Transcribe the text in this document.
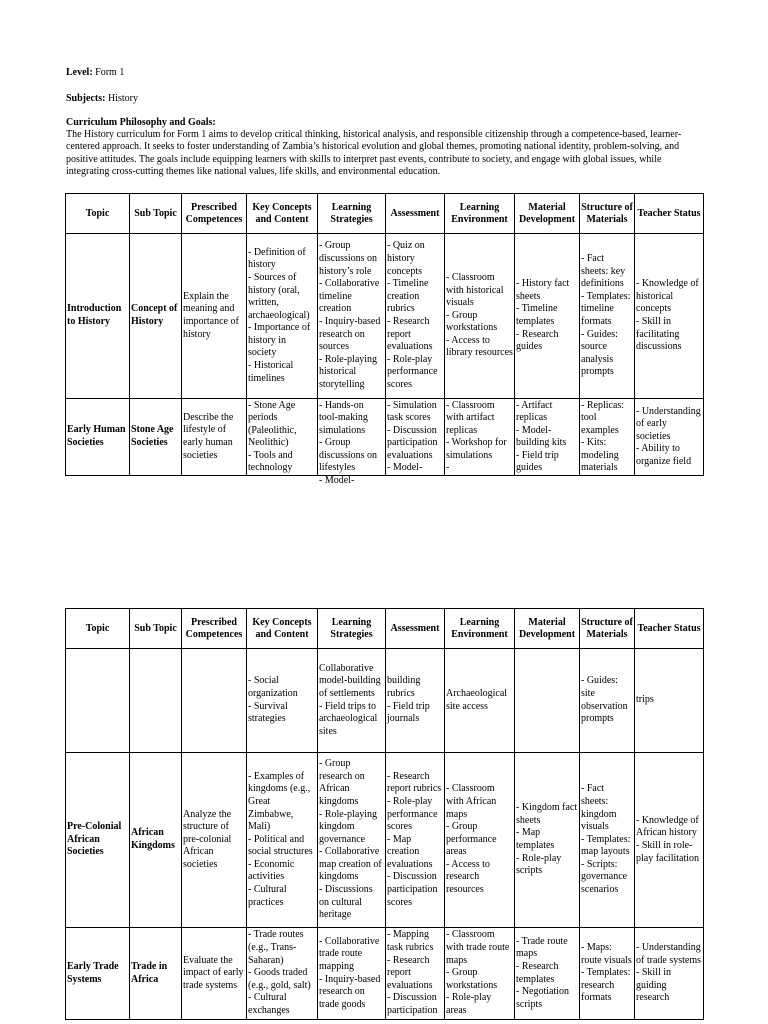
Level: Form 1
Subjects: History
Curriculum Philosophy and Goals:
The History curriculum for Form 1 aims to develop critical thinking, historical analysis, and responsible citizenship through a competence-based, learner-centered approach. It seeks to foster understanding of Zambia’s historical evolution and global themes, promoting national identity, problem-solving, and positive attitudes. The goals include equipping learners with skills to interpret past events, contribute to society, and engage with global issues, while integrating cross-cutting themes like national values, life skills, and environmental education.
Topic	Sub Topic	Prescribed Competences	Key Concepts and Content	Learning Strategies	Assessment	Learning Environment	Material Development	Structure of Materials	Teacher Status

Introduction to History	Concept of History	Explain the meaning and importance of history	- Definition of history
- Sources of history (oral, written, archaeological)
- Importance of history in society
- Historical timelines	- Group discussions on history’s role
- Collaborative timeline creation
- Inquiry-based research on sources
- Role-playing historical storytelling	- Quiz on history concepts
- Timeline creation rubrics
- Research report evaluations
- Role-play performance scores	- Classroom with historical visuals
- Group workstations
- Access to library resources	- History fact sheets
- Timeline templates
- Research guides	- Fact sheets: key definitions
- Templates: timeline formats
- Guides: source analysis prompts	- Knowledge of historical concepts
- Skill in facilitating discussions

Early Human Societies	Stone Age Societies	Describe the lifestyle of early human societies	- Stone Age periods (Paleolithic, Neolithic)
- Tools and technology	- Hands-on tool-making simulations
- Group discussions on lifestyles
- Model-	- Simulation task scores
- Discussion participation evaluations
- Model-	- Classroom with artifact replicas
- Workshop for simulations
-	- Artifact replicas
- Model-building kits
- Field trip guides	- Replicas: tool examples
- Kits: modeling materials	- Understanding of early societies
- Ability to organize field
Topic	Sub Topic	Prescribed Competences	Key Concepts and Content	Learning Strategies	Assessment	Learning Environment	Material Development	Structure of Materials	Teacher Status

			- Social organization
- Survival strategies	Collaborative model-building of settlements
- Field trips to archaeological sites	building rubrics
- Field trip journals	Archaeological site access		- Guides: site observation prompts	trips

Pre-Colonial African Societies	African Kingdoms	Analyze the structure of pre-colonial African societies	- Examples of kingdoms (e.g., Great Zimbabwe, Mali)
- Political and social structures
- Economic activities
- Cultural practices	- Group research on African kingdoms
- Role-playing kingdom governance
- Collaborative map creation of kingdoms
- Discussions on cultural heritage	- Research report rubrics
- Role-play performance scores
- Map creation evaluations
- Discussion participation scores	- Classroom with African maps
- Group performance areas
- Access to research resources	- Kingdom fact sheets
- Map templates
- Role-play scripts	- Fact sheets: kingdom visuals
- Templates: map layouts
- Scripts: governance scenarios	- Knowledge of African history
- Skill in role-play facilitation

Early Trade Systems	Trade in Africa	Evaluate the impact of early trade systems	- Trade routes (e.g., Trans-Saharan)
- Goods traded (e.g., gold, salt)
- Cultural exchanges	- Collaborative trade route mapping
- Inquiry-based research on trade goods	- Mapping task rubrics
- Research report evaluations
- Discussion participation	- Classroom with trade route maps
- Group workstations
- Role-play areas	- Trade route maps
- Research templates
- Negotiation scripts	- Maps: route visuals
- Templates: research formats	- Understanding of trade systems
- Skill in guiding research
